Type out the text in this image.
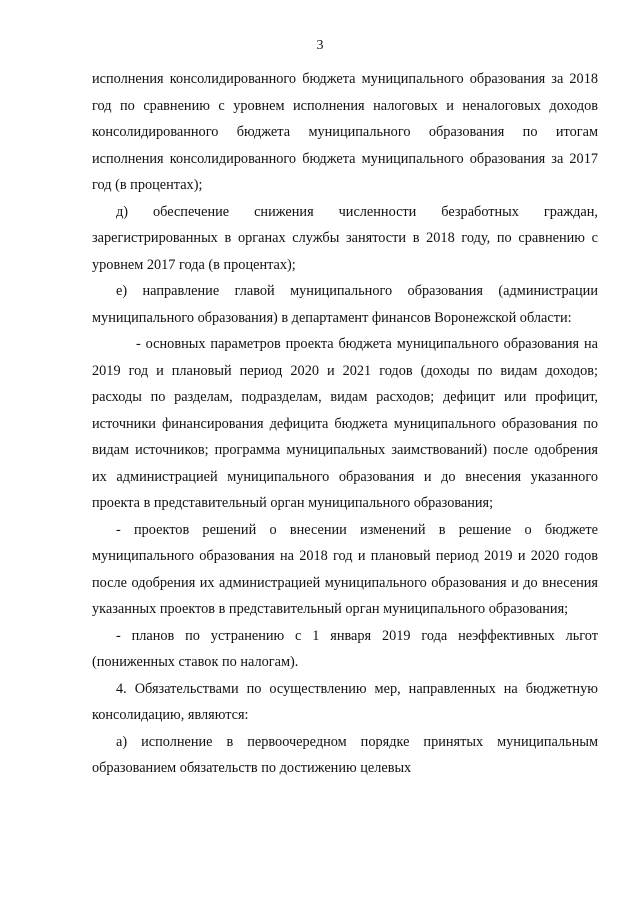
3

исполнения консолидированного бюджета муниципального образования за 2018 год по сравнению с уровнем исполнения налоговых и неналоговых доходов консолидированного бюджета муниципального образования по итогам исполнения консолидированного бюджета муниципального образования за 2017 год (в процентах);

д) обеспечение снижения численности безработных граждан, зарегистрированных в органах службы занятости в 2018 году, по сравнению с уровнем 2017 года (в процентах);

е) направление главой муниципального образования (администрации муниципального образования) в департамент финансов Воронежской области:

- основных параметров проекта бюджета муниципального образования на 2019 год и плановый период 2020 и 2021 годов (доходы по видам доходов; расходы по разделам, подразделам, видам расходов; дефицит или профицит, источники финансирования дефицита бюджета муниципального образования по видам источников; программа муниципальных заимствований) после одобрения их администрацией муниципального образования и до внесения указанного проекта в представительный орган муниципального образования;

- проектов решений о внесении изменений в решение о бюджете муниципального образования на 2018 год и плановый период 2019 и 2020 годов после одобрения их администрацией муниципального образования и до внесения указанных проектов в представительный орган муниципального образования;

- планов по устранению с 1 января 2019 года неэффективных льгот (пониженных ставок по налогам).

4. Обязательствами по осуществлению мер, направленных на бюджетную консолидацию, являются:

а) исполнение в первоочередном порядке принятых муниципальным образованием обязательств по достижению целевых
